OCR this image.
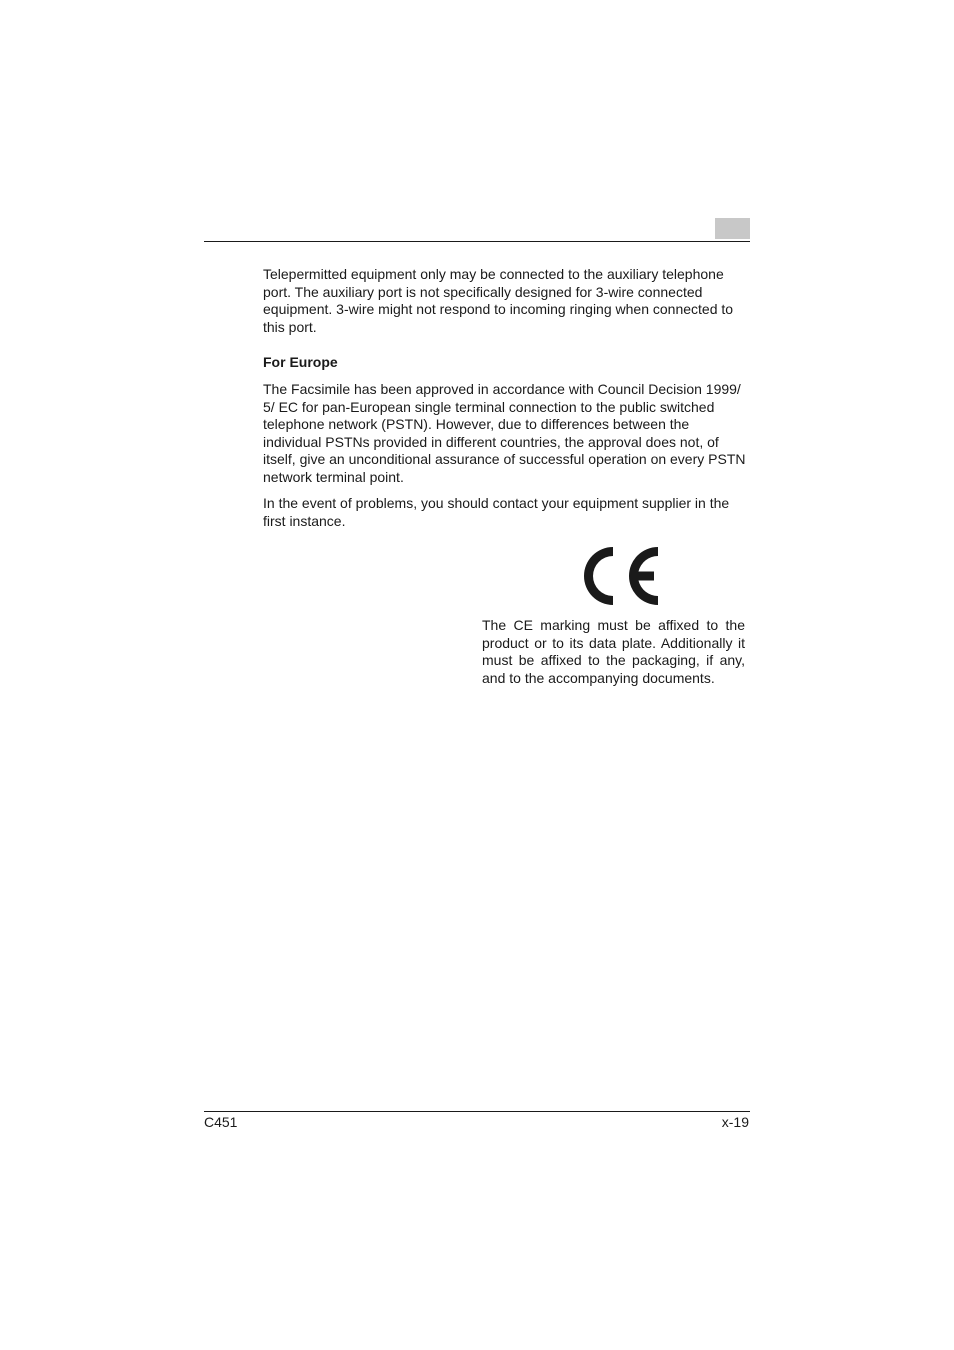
Telepermitted equipment only may be connected to the auxiliary telephone port. The auxiliary port is not specifically designed for 3-wire connected equipment. 3-wire might not respond to incoming ringing when connected to this port.

For Europe

The Facsimile has been approved in accordance with Council Decision 1999/ 5/ EC for pan-European single terminal connection to the public switched telephone network (PSTN). However, due to differences between the individual PSTNs provided in different countries, the approval does not, of itself, give an unconditional assurance of successful operation on every PSTN network terminal point.

In the event of problems, you should contact your equipment supplier in the first instance.

The CE marking must be affixed to the product or to its data plate. Additionally it must be affixed to the packaging, if any, and to the accompanying documents.

C451	x-19
